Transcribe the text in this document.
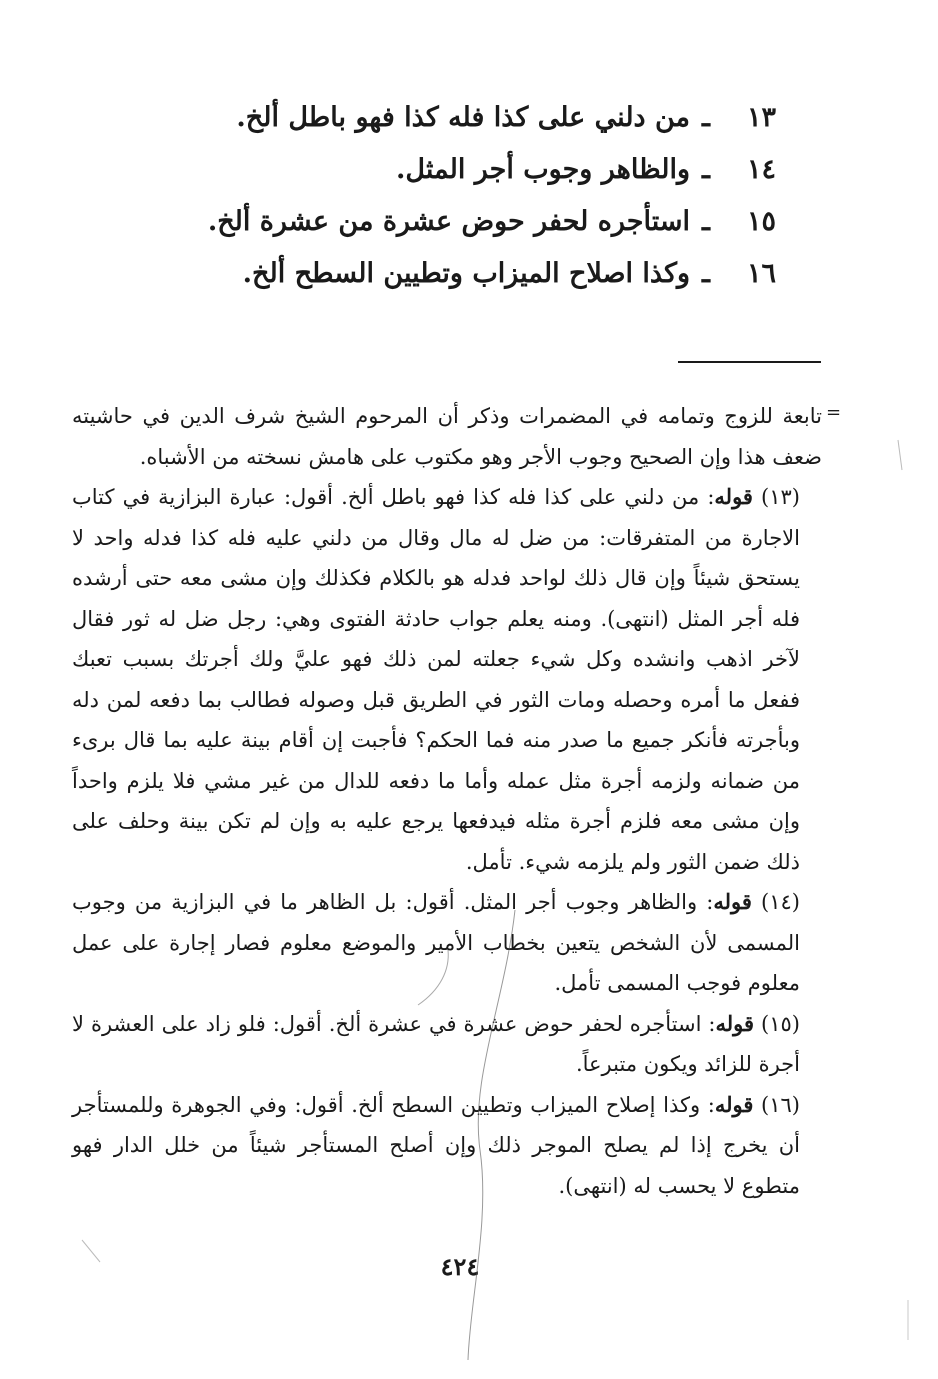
١٣
ـ
من دلني على كذا فله كذا فهو باطل ألخ.
١٤
ـ
والظاهر وجوب أجر المثل.
١٥
ـ
استأجره لحفر حوض عشرة من عشرة ألخ.
١٦
ـ
وكذا اصلاح الميزاب وتطيين السطح ألخ.
=

تابعة للزوج وتمامه في المضمرات وذكر أن المرحوم الشيخ شرف الدين في حاشيته ضعف هذا وإن الصحيح وجوب الأجر وهو مكتوب على هامش نسخته من الأشباه.

(١٣) قوله: من دلني على كذا فله كذا فهو باطل ألخ. أقول: عبارة البزازية في كتاب الاجارة من المتفرقات: من ضل له مال وقال من دلني عليه فله كذا فدله واحد لا يستحق شيئاً وإن قال ذلك لواحد فدله هو بالكلام فكذلك وإن مشى معه حتى أرشده فله أجر المثل (انتهى). ومنه يعلم جواب حادثة الفتوى وهي: رجل ضل له ثور فقال لآخر اذهب وانشده وكل شيء جعلته لمن ذلك فهو عليَّ ولك أجرتك بسبب تعبك ففعل ما أمره وحصله ومات الثور في الطريق قبل وصوله فطالب بما دفعه لمن دله وبأجرته فأنكر جميع ما صدر منه فما الحكم؟ فأجبت إن أقام بينة عليه بما قال برىء من ضمانه ولزمه أجرة مثل عمله وأما ما دفعه للدال من غير مشي فلا يلزم واحداً وإن مشى معه فلزم أجرة مثله فيدفعها يرجع عليه به وإن لم تكن بينة وحلف على ذلك ضمن الثور ولم يلزمه شيء. تأمل.

(١٤) قوله: والظاهر وجوب أجر المثل. أقول: بل الظاهر ما في البزازية من وجوب المسمى لأن الشخص يتعين بخطاب الأمير والموضع معلوم فصار إجارة على عمل معلوم فوجب المسمى تأمل.

(١٥) قوله: استأجره لحفر حوض عشرة في عشرة ألخ. أقول: فلو زاد على العشرة لا أجرة للزائد ويكون متبرعاً.

(١٦) قوله: وكذا إصلاح الميزاب وتطيين السطح ألخ. أقول: وفي الجوهرة وللمستأجر أن يخرج إذا لم يصلح الموجر ذلك وإن أصلح المستأجر شيئاً من خلل الدار فهو متطوع لا يحسب له (انتهى).

٤٢٤
